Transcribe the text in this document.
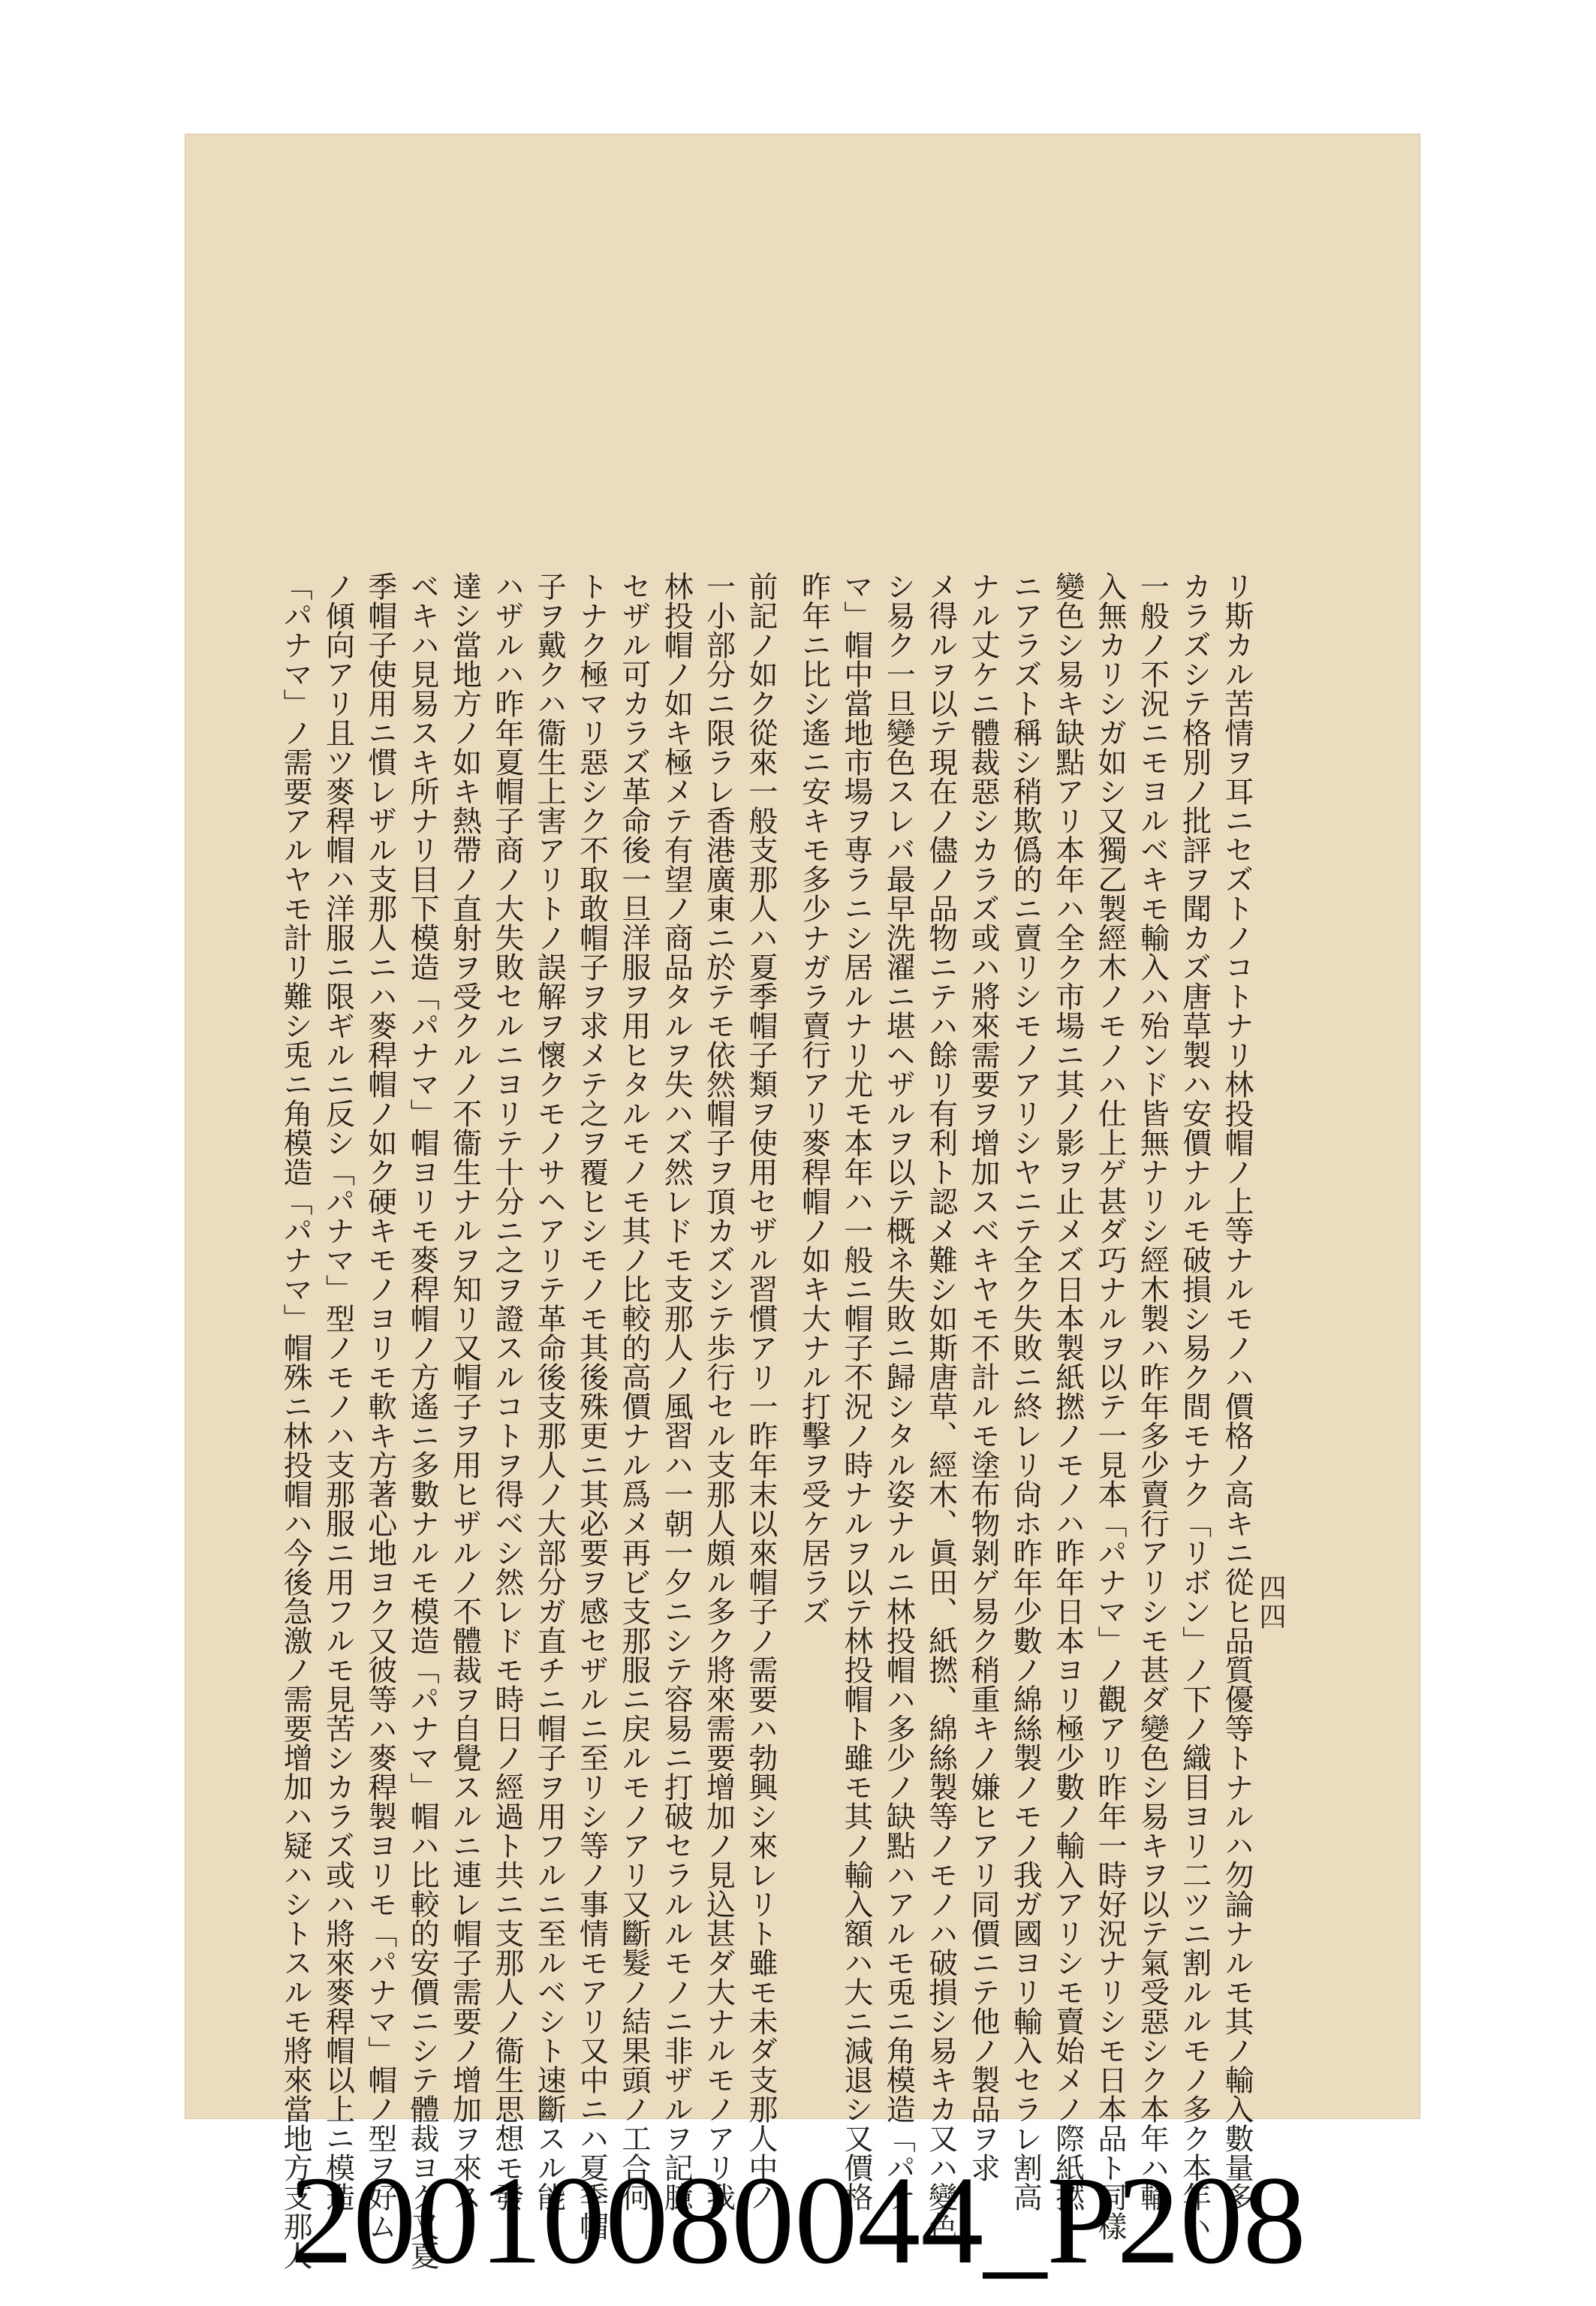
四四
リ斯カル苦情ヲ耳ニセズトノコトナリ林投帽ノ上等ナルモノハ價格ノ高キニ從ヒ品質優等トナルハ勿論ナルモ其ノ輸入數量多
カラズシテ格別ノ批評ヲ聞カズ唐草製ハ安價ナルモ破損シ易ク間モナク「リボン」ノ下ノ織目ヨリ二ツニ割ルルモノ多ク本年ハ
一般ノ不況ニモヨルベキモ輸入ハ殆ンド皆無ナリシ經木製ハ昨年多少賣行アリシモ甚ダ變色シ易キヲ以テ氣受惡シク本年ハ輸
入無カリシガ如シ又獨乙製經木ノモノハ仕上ゲ甚ダ巧ナルヲ以テ一見本「パナマ」ノ觀アリ昨年一時好況ナリシモ日本品ト同樣
變色シ易キ缺點アリ本年ハ全ク市場ニ其ノ影ヲ止メズ日本製紙撚ノモノハ昨年日本ヨリ極少數ノ輸入アリシモ賣始メノ際紙撚
ニアラズト稱シ稍欺僞的ニ賣リシモノアリシヤニテ全ク失敗ニ終レリ尙ホ昨年少數ノ綿絲製ノモノ我ガ國ヨリ輸入セラレ割高
ナル丈ケニ體裁惡シカラズ或ハ將來需要ヲ增加スベキヤモ不計ルモ塗布物剝ゲ易ク稍重キノ嫌ヒアリ同價ニテ他ノ製品ヲ求
メ得ルヲ以テ現在ノ儘ノ品物ニテハ餘リ有利ト認メ難シ如斯唐草、經木、眞田、紙撚、綿絲製等ノモノハ破損シ易キカ又ハ變色
シ易ク一旦變色スレバ最早洗濯ニ堪ヘザルヲ以テ概ネ失敗ニ歸シタル姿ナルニ林投帽ハ多少ノ缺點ハアルモ兎ニ角模造「パナ
マ」帽中當地市場ヲ専ラニシ居ルナリ尤モ本年ハ一般ニ帽子不況ノ時ナルヲ以テ林投帽ト雖モ其ノ輸入額ハ大ニ減退シ又價格
昨年ニ比シ遙ニ安キモ多少ナガラ賣行アリ麥稈帽ノ如キ大ナル打擊ヲ受ケ居ラズ
前記ノ如ク從來一般支那人ハ夏季帽子類ヲ使用セザル習慣アリ一昨年末以來帽子ノ需要ハ勃興シ來レリト雖モ未ダ支那人中ノ
一小部分ニ限ラレ香港廣東ニ於テモ依然帽子ヲ頂カズシテ歩行セル支那人頗ル多ク將來需要增加ノ見込甚ダ大ナルモノアリ我
林投帽ノ如キ極メテ有望ノ商品タルヲ失ハズ然レドモ支那人ノ風習ハ一朝一夕ニシテ容易ニ打破セラルルモノニ非ザルヲ記臆
セザル可カラズ革命後一旦洋服ヲ用ヒタルモノモ其ノ比較的高價ナル爲メ再ビ支那服ニ戻ルモノアリ又斷髮ノ結果頭ノ工合何
トナク極マリ惡シク不取敢帽子ヲ求メテ之ヲ覆ヒシモノモ其後殊更ニ其必要ヲ感セザルニ至リシ等ノ事情モアリ又中ニハ夏季帽
子ヲ戴クハ衞生上害アリトノ誤解ヲ懷クモノサヘアリテ革命後支那人ノ大部分ガ直チニ帽子ヲ用フルニ至ルベシト速斷スル能
ハザルハ昨年夏帽子商ノ大失敗セルニヨリテ十分ニ之ヲ證スルコトヲ得ベシ然レドモ時日ノ經過ト共ニ支那人ノ衞生思想モ發
達シ當地方ノ如キ熱帶ノ直射ヲ受クルノ不衞生ナルヲ知リ又帽子ヲ用ヒザルノ不體裁ヲ自覺スルニ連レ帽子需要ノ增加ヲ來ス
ベキハ見易スキ所ナリ目下模造「パナマ」帽ヨリモ麥稈帽ノ方遙ニ多數ナルモ模造「パナマ」帽ハ比較的安價ニシテ體裁ヨク又夏
季帽子使用ニ慣レザル支那人ニハ麥稈帽ノ如ク硬キモノヨリモ軟キ方著心地ヨク又彼等ハ麥稈製ヨリモ「パナマ」帽ノ型ヲ好ム
ノ傾向アリ且ツ麥稈帽ハ洋服ニ限ギルニ反シ「パナマ」型ノモノハ支那服ニ用フルモ見苦シカラズ或ハ將來麥稈帽以上ニ模造
「パナマ」ノ需要アルヤモ計リ難シ兎ニ角模造「パナマ」帽殊ニ林投帽ハ今後急激ノ需要增加ハ疑ハシトスルモ將來當地方支那人
20010080044_P208
